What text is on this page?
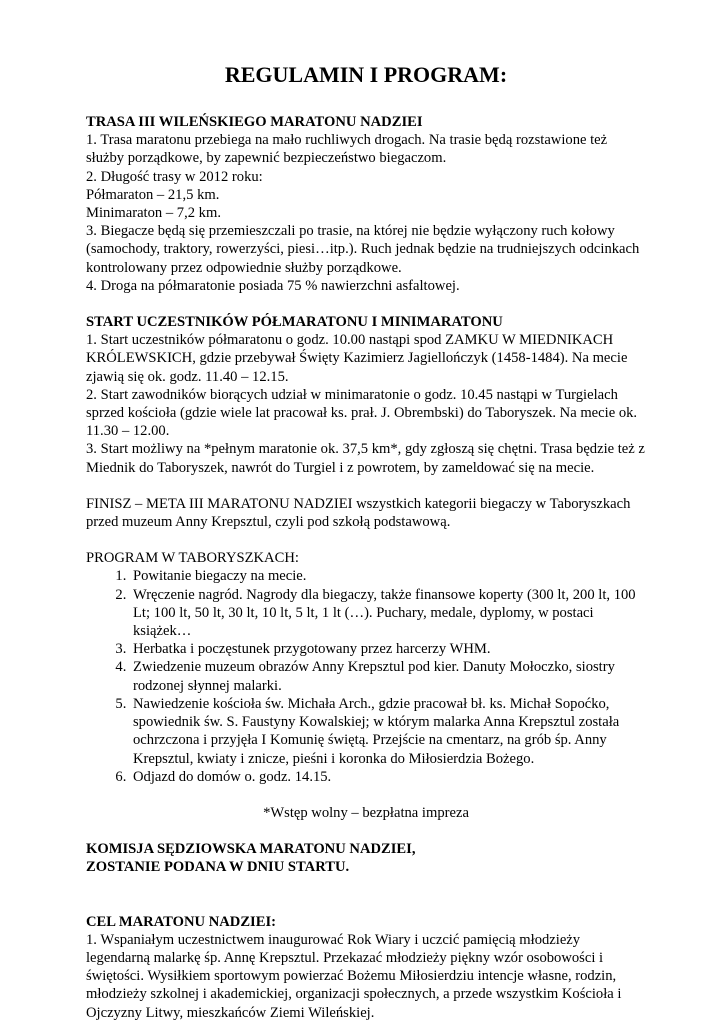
REGULAMIN I PROGRAM:

TRASA III WILEŃSKIEGO MARATONU NADZIEI

1. Trasa maratonu przebiega na mało ruchliwych drogach. Na trasie będą rozstawione też służby porządkowe, by zapewnić bezpieczeństwo biegaczom.

2. Długość trasy w 2012 roku:

Półmaraton – 21,5 km.

Minimaraton – 7,2 km.

3. Biegacze będą się przemieszczali po trasie, na której nie będzie wyłączony ruch kołowy (samochody, traktory, rowerzyści, piesi…itp.). Ruch jednak będzie na trudniejszych odcinkach kontrolowany przez odpowiednie służby porządkowe.

4. Droga na półmaratonie posiada 75 % nawierzchni asfaltowej.

START UCZESTNIKÓW PÓŁMARATONU I MINIMARATONU

1. Start uczestników półmaratonu o godz. 10.00 nastąpi spod ZAMKU W MIEDNIKACH KRÓLEWSKICH, gdzie przebywał Święty Kazimierz Jagiellończyk (1458-1484). Na mecie zjawią się ok. godz. 11.40 – 12.15.

2. Start zawodników biorących udział w minimaratonie o godz. 10.45 nastąpi w Turgielach sprzed kościoła (gdzie wiele lat pracował ks. prał. J. Obrembski) do Taboryszek. Na mecie ok. 11.30 – 12.00.

3. Start możliwy na *pełnym maratonie ok. 37,5 km*, gdy zgłoszą się chętni. Trasa będzie też z Miednik do Taboryszek, nawrót do Turgiel i z powrotem, by zameldować się na mecie.

FINISZ – META III MARATONU NADZIEI wszystkich kategorii biegaczy w Taboryszkach przed muzeum Anny Krepsztul, czyli pod szkołą podstawową.

PROGRAM W TABORYSZKACH:

1. Powitanie biegaczy na mecie.
2. Wręczenie nagród. Nagrody dla biegaczy, także finansowe koperty (300 lt, 200 lt, 100 Lt; 100 lt, 50 lt, 30 lt, 10 lt, 5 lt, 1 lt (…). Puchary, medale, dyplomy, w postaci książek…
3. Herbatka i poczęstunek przygotowany przez harcerzy WHM.
4. Zwiedzenie muzeum obrazów Anny Krepsztul pod kier. Danuty Mołoczko, siostry rodzonej słynnej malarki.
5. Nawiedzenie kościoła św. Michała Arch., gdzie pracował bł. ks. Michał Sopoćko, spowiednik św. S. Faustyny Kowalskiej; w którym malarka Anna Krepsztul została ochrzczona i przyjęła I Komunię świętą. Przejście na cmentarz, na grób śp. Anny Krepsztul, kwiaty i znicze, pieśni i koronka do Miłosierdzia Bożego.
6. Odjazd do domów o. godz. 14.15.

*Wstęp wolny – bezpłatna impreza

KOMISJA SĘDZIOWSKA MARATONU NADZIEI,

ZOSTANIE PODANA W DNIU STARTU.

CEL MARATONU NADZIEI:

1. Wspaniałym uczestnictwem inaugurować Rok Wiary i uczcić pamięcią młodzieży legendarną malarkę śp. Annę Krepsztul. Przekazać młodzieży piękny wzór osobowości i świętości. Wysiłkiem sportowym powierzać Bożemu Miłosierdziu intencje własne, rodzin, młodzieży szkolnej i akademickiej, organizacji społecznych, a przede wszystkim Kościoła i Ojczyzny Litwy, mieszkańców Ziemi Wileńskiej.
